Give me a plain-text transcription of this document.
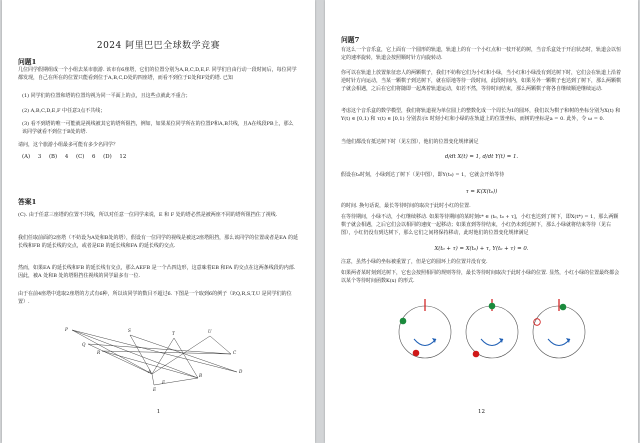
2024 阿里巴巴全球数学竞赛
问题1
几位同学假期组成一个小组去某市旅游. 该市有6座塔，它们的位置分别为A,B,C,D,E,F. 同学们自由行动一段时间后，每位同学都发现，自己在所在的位置只能看到位于A,B,C,D处的四座塔，而看不到位于E处和F处的塔. 已知
(1) 同学们的位置和塔的位置均视为同一平面上的点，且这些点就此不重合；
(2) A,B,C,D,E,F 中任意3点不共线；
(3) 看不到塔的唯一可能就是视线被其它的塔所阻挡，例如，如果某位同学所在的位置P和A,B共线，且A在线段PB上，那么该同学就看不到位于B处的塔.
请问，这个旅游小组最多可能有多少名同学？
(A) 3 (B) 4 (C) 6 (D) 12
答案1
(C). 由于任意三座塔的位置不共线，所以对任意一位同学来说，E 和 F 处的塔必然是被两座不同的塔所阻挡住了视线.
我们任取前面的2座塔（不妨设为A处和B处的塔），假设有一位同学的视线是被这2座塔阻挡，那么该同学的位置或者是EA 的延长线和FB 的延长线的交点，或者是EB 的延长线和FA 的延长线的交点.
然而，如果EA 的延长线和FB 的延长线有交点，那么AEFB 是一个凸四边形，这意味着EB 和FA 的交点在这两条线段的内部. 因此，被A 处和B 处的塔阻挡住视线的同学最多有一位.
由于在前4座塔中选取2座塔的方式有6种，所以该同学的数目不超过6. 下图是一个取到6的例子（P,Q,R,S,T,U 是同学们的位置）.
P
Q
R
S
T	U
A
B
C
D
E
F
1
问题7
有这么一个音乐盒，它上面有一个圆形的轨道，轨道上的有一个小红点和一枝开花的树，当音乐盒处于开启状态时，轨道会以恒定的速率旋转，轨道会按照顺时针方向旋转动.
你可以在轨道上放置象征恋人的两颗棋子，我们不妨称它们为小红和小绿，当小红和小绿没有到达树下时，它们会在轨道上沿着逆时针方向运动，当某一颗棋子到达树下，就在原地等待一段时间，此段时间内，如果另外一颗棋子也达到了树下，那么两颗棋子就会相遇，之后在它们将随即一起离着轨道运动，如若不然，等待时间结束，那么两颗棋子将各自继续顺逆继续运动.
考虑这个音乐盒的数学模型，我们将轨道视为单位圆上的整数化成一个周长为1的圆环，我们以为棋子和树的坐标分别为X(t) 和Y(t) ∈ [0,1) 和 τ(t) ∈ [0,1) 分别表示t 时刻小红和小绿的在轨道上的位置坐标，而树的坐标是a = 0. 此外，令 ω = 0.
当他们都没有抵达树下时（见左图），他们的位置变化规律满足
d/dt X(t) = 1, d/dt Y(t) = 1.
假设在t₀时刻，小绿到达了树下（见中图），即Y(t₀) = 1，它就会开始等待
τ = K(X(t₀))
的时间. 换句话说，最长等待时间的取决于此时小红的位置.
在等待期间，小绿不动，小红继续移动. 如果等待期间的某时刻t* ∈ (t₀, t₀ + τ]，小红也达到了树下，即X(t*) = 1，那么两颗棋子就会相遇，之后它们会以相同的速度一起移动；如果直到等待结束，小红仍未到达树下，那么小绿就将结束等待（见右图），小红仍没有到达树下，那么它们之间将保持移动，此时他们的位置变化规律满足
X(t₀ + τ) = X(t₀) + τ, Y(t₀ + τ) = 0.
注意，虽然小绿的坐标被重置了，但是它的圆环上的位置并没有变.
如果两者某时刻到达树下，它也会按照相同的规则等待，最长等待时间取决于此时小绿的位置. 显然，小红小绿的位置最终都会以某个等待时间函数K(x) 的形式.
12
